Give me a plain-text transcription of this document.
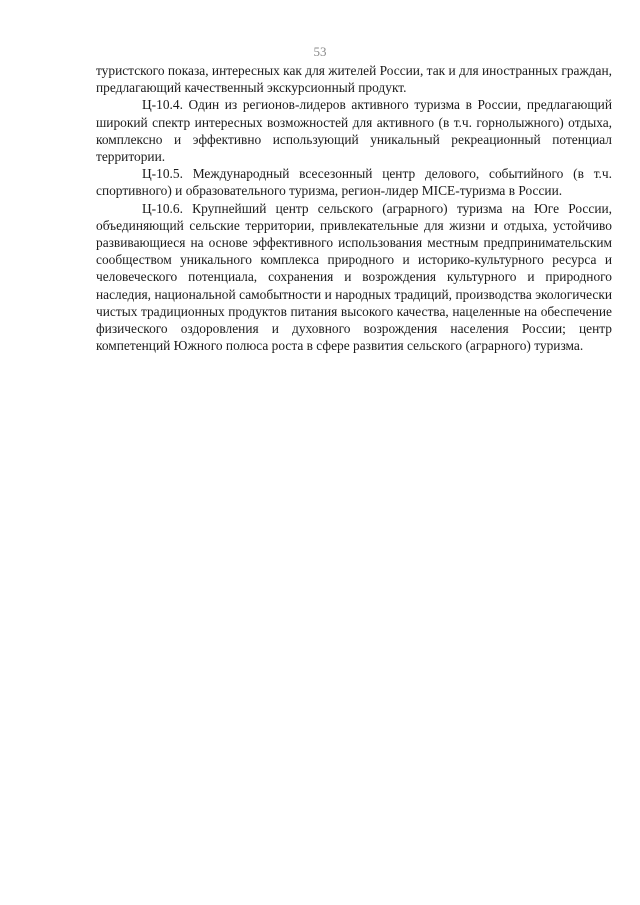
53

туристского показа, интересных как для жителей России, так и для иностранных граждан, предлагающий качественный экскурсионный продукт.

Ц-10.4. Один из регионов-лидеров активного туризма в России, предлагающий широкий спектр интересных возможностей для активного (в т.ч. горнолыжного) отдыха, комплексно и эффективно использующий уникальный рекреационный потенциал территории.

Ц-10.5. Международный всесезонный центр делового, событийного (в т.ч. спортивного) и образовательного туризма, регион-лидер MICE-туризма в России.

Ц-10.6. Крупнейший центр сельского (аграрного) туризма на Юге России, объединяющий сельские территории, привлекательные для жизни и отдыха, устойчиво развивающиеся на основе эффективного использования местным предпринимательским сообществом уникального комплекса природного и историко-культурного ресурса и человеческого потенциала, сохранения и возрождения культурного и природного наследия, национальной самобытности и народных традиций, производства экологически чистых традиционных продуктов питания высокого качества, нацеленные на обеспечение физического оздоровления и духовного возрождения населения России; центр компетенций Южного полюса роста в сфере развития сельского (аграрного) туризма.
